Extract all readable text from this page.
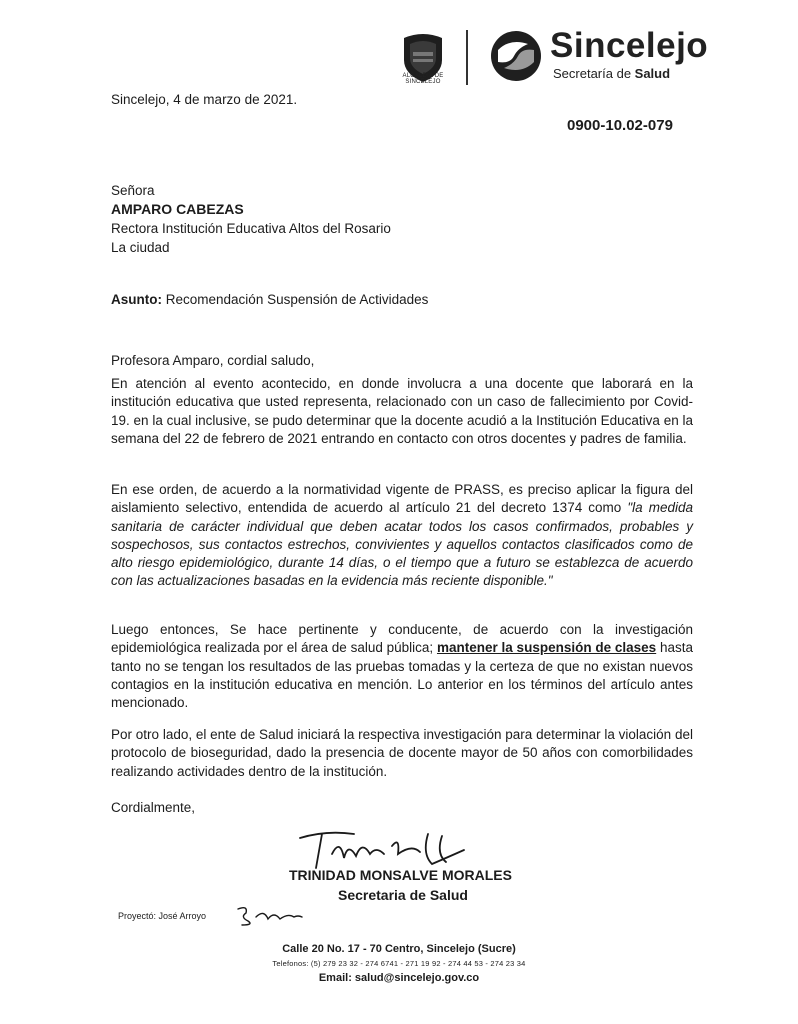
ALCALDÍA DE SINCELEJO
Sincelejo
Secretaría de Salud
Sincelejo, 4 de marzo de 2021.
0900-10.02-079
Señora
AMPARO CABEZAS
Rectora Institución Educativa Altos del Rosario
La ciudad
Asunto: Recomendación Suspensión de Actividades
Profesora Amparo, cordial saludo,
En atención al evento acontecido, en donde involucra a una docente que laborará en la institución educativa que usted representa, relacionado con un caso de fallecimiento por Covid-19. en la cual inclusive, se pudo determinar que la docente acudió a la Institución Educativa en la semana del 22 de febrero de 2021 entrando en contacto con otros docentes y padres de familia.
En ese orden, de acuerdo a la normatividad vigente de PRASS, es preciso aplicar la figura del aislamiento selectivo, entendida de acuerdo al artículo 21 del decreto 1374 como "la medida sanitaria de carácter individual que deben acatar todos los casos confirmados, probables y sospechosos, sus contactos estrechos, convivientes y aquellos contactos clasificados como de alto riesgo epidemiológico, durante 14 días, o el tiempo que a futuro se establezca de acuerdo con las actualizaciones basadas en la evidencia más reciente disponible."
Luego entonces, Se hace pertinente y conducente, de acuerdo con la investigación epidemiológica realizada por el área de salud pública; mantener la suspensión de clases hasta tanto no se tengan los resultados de las pruebas tomadas y la certeza de que no existan nuevos contagios en la institución educativa en mención. Lo anterior en los términos del artículo antes mencionado.
Por otro lado, el ente de Salud iniciará la respectiva investigación para determinar la violación del protocolo de bioseguridad, dado la presencia de docente mayor de 50 años con comorbilidades realizando actividades dentro de la institución.
Cordialmente,
TRINIDAD MONSALVE MORALES
Secretaria de Salud
Proyectó: José Arroyo
Calle 20 No. 17 - 70 Centro, Sincelejo (Sucre)
Telefonos: (5) 279 23 32 - 274 6741 - 271 19 92 - 274 44 53 - 274 23 34
Email: salud@sincelejo.gov.co
